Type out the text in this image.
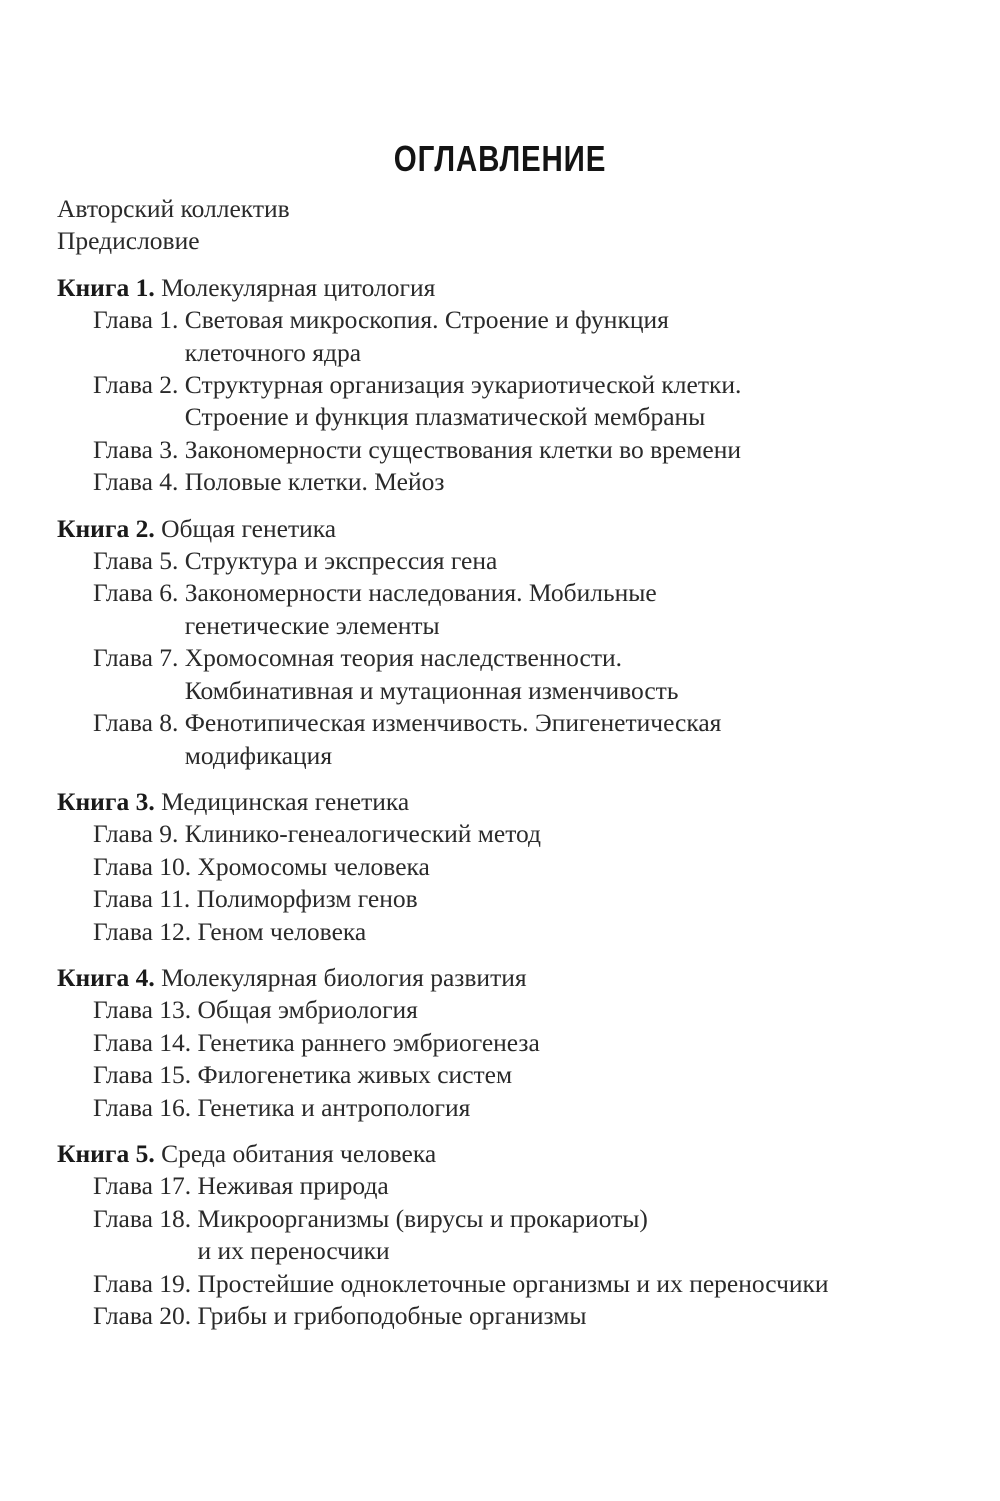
ОГЛАВЛЕНИЕ
Авторский коллектив
Предисловие
Книга 1. Молекулярная цитология
Глава 1. Световая микроскопия. Строение и функция
клеточного ядра
Глава 2. Структурная организация эукариотической клетки.
Строение и функция плазматической мембраны
Глава 3. Закономерности существования клетки во времени
Глава 4. Половые клетки. Мейоз
Книга 2. Общая генетика
Глава 5. Структура и экспрессия гена
Глава 6. Закономерности наследования. Мобильные
генетические элементы
Глава 7. Хромосомная теория наследственности.
Комбинативная и мутационная изменчивость
Глава 8. Фенотипическая изменчивость. Эпигенетическая
модификация
Книга 3. Медицинская генетика
Глава 9. Клинико-генеалогический метод
Глава 10. Хромосомы человека
Глава 11. Полиморфизм генов
Глава 12. Геном человека
Книга 4. Молекулярная биология развития
Глава 13. Общая эмбриология
Глава 14. Генетика раннего эмбриогенеза
Глава 15. Филогенетика живых систем
Глава 16. Генетика и антропология
Книга 5. Среда обитания человека
Глава 17. Неживая природа
Глава 18. Микроорганизмы (вирусы и прокариоты)
и их переносчики
Глава 19. Простейшие одноклеточные организмы и их переносчики
Глава 20. Грибы и грибоподобные организмы
